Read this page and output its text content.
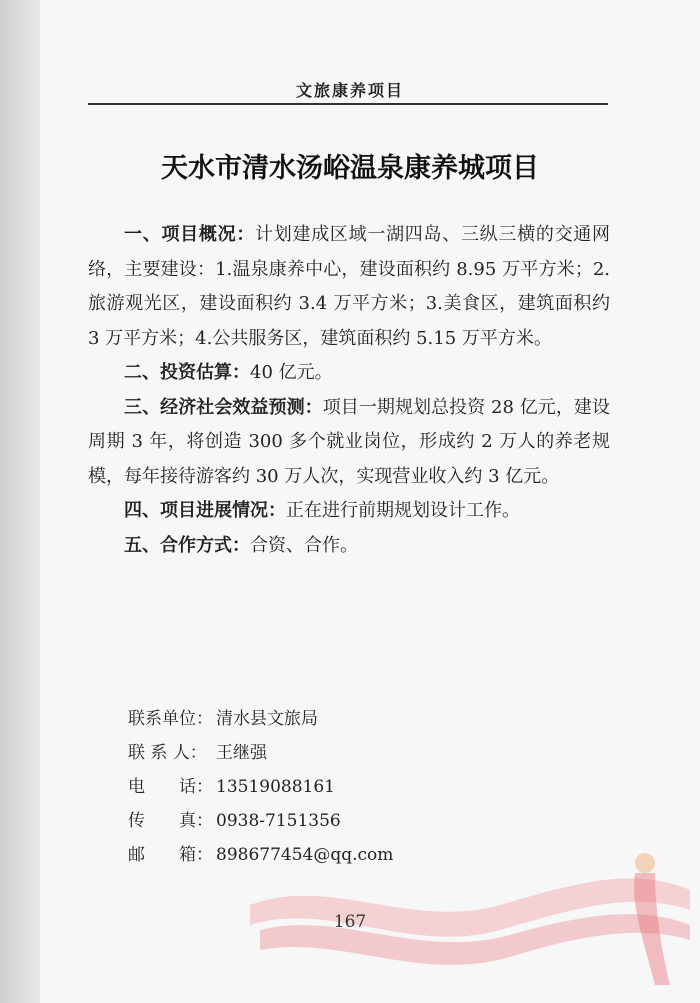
文旅康养项目
天水市清水汤峪温泉康养城项目

一、项目概况：计划建成区域一湖四岛、三纵三横的交通网络，主要建设：1.温泉康养中心，建设面积约 8.95 万平方米；2.旅游观光区，建设面积约 3.4 万平方米；3.美食区，建筑面积约 3 万平方米；4.公共服务区，建筑面积约 5.15 万平方米。

二、投资估算：40 亿元。

三、经济社会效益预测：项目一期规划总投资 28 亿元，建设周期 3 年，将创造 300 多个就业岗位，形成约 2 万人的养老规模，每年接待游客约 30 万人次，实现营业收入约 3 亿元。

四、项目进展情况：正在进行前期规划设计工作。

五、合作方式：合资、合作。

联系单位： 清水县文旅局
联 系 人： 王继强
电　　话： 13519088161
传　　真： 0938-7151356
邮　　箱： 898677454@qq.com
167
